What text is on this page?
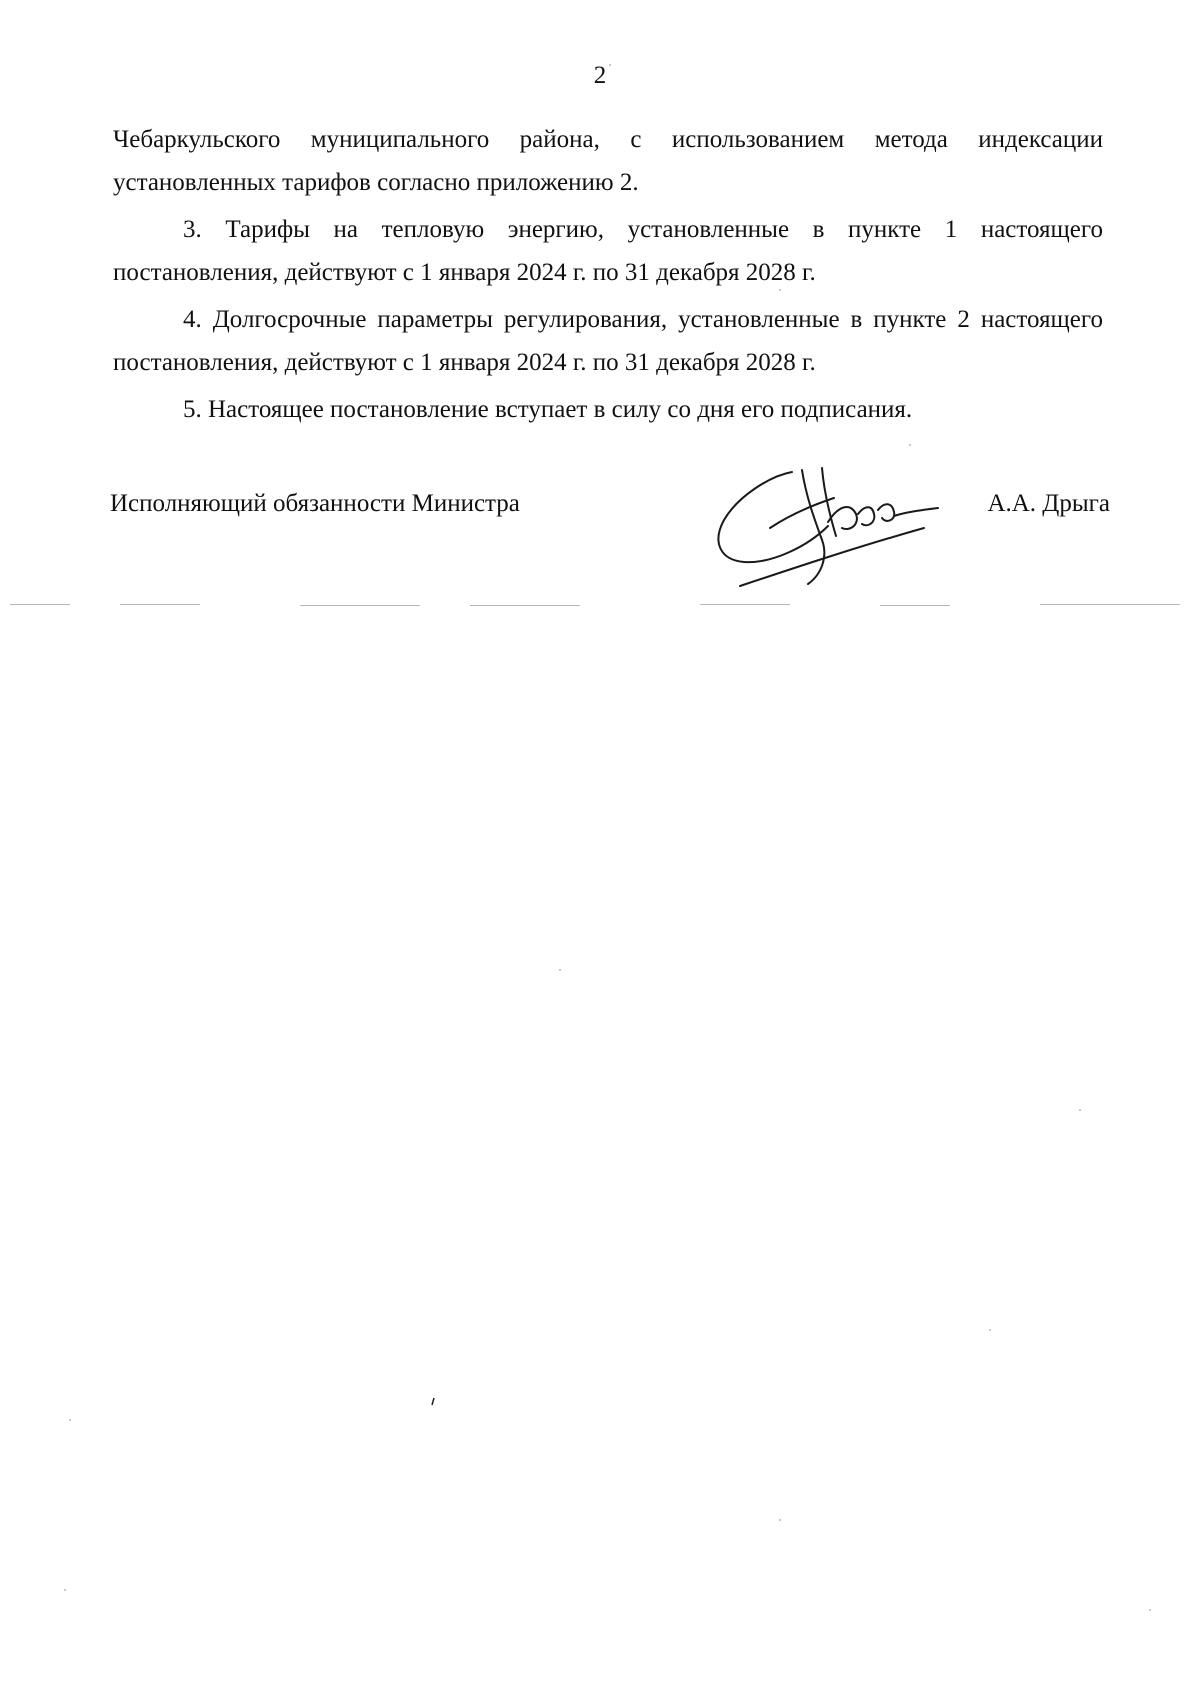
2

Чебаркульского муниципального района, с использованием метода индексации

установленных тарифов согласно приложению 2.

3. Тарифы на тепловую энергию, установленные в пункте 1 настоящего постановления, действуют с 1 января 2024 г. по 31 декабря 2028 г.

4. Долгосрочные параметры регулирования, установленные в пункте 2 настоящего постановления, действуют с 1 января 2024 г. по 31 декабря 2028 г.

5. Настоящее постановление вступает в силу со дня его подписания.

Исполняющий обязанности Министра	А.А. Дрыга
